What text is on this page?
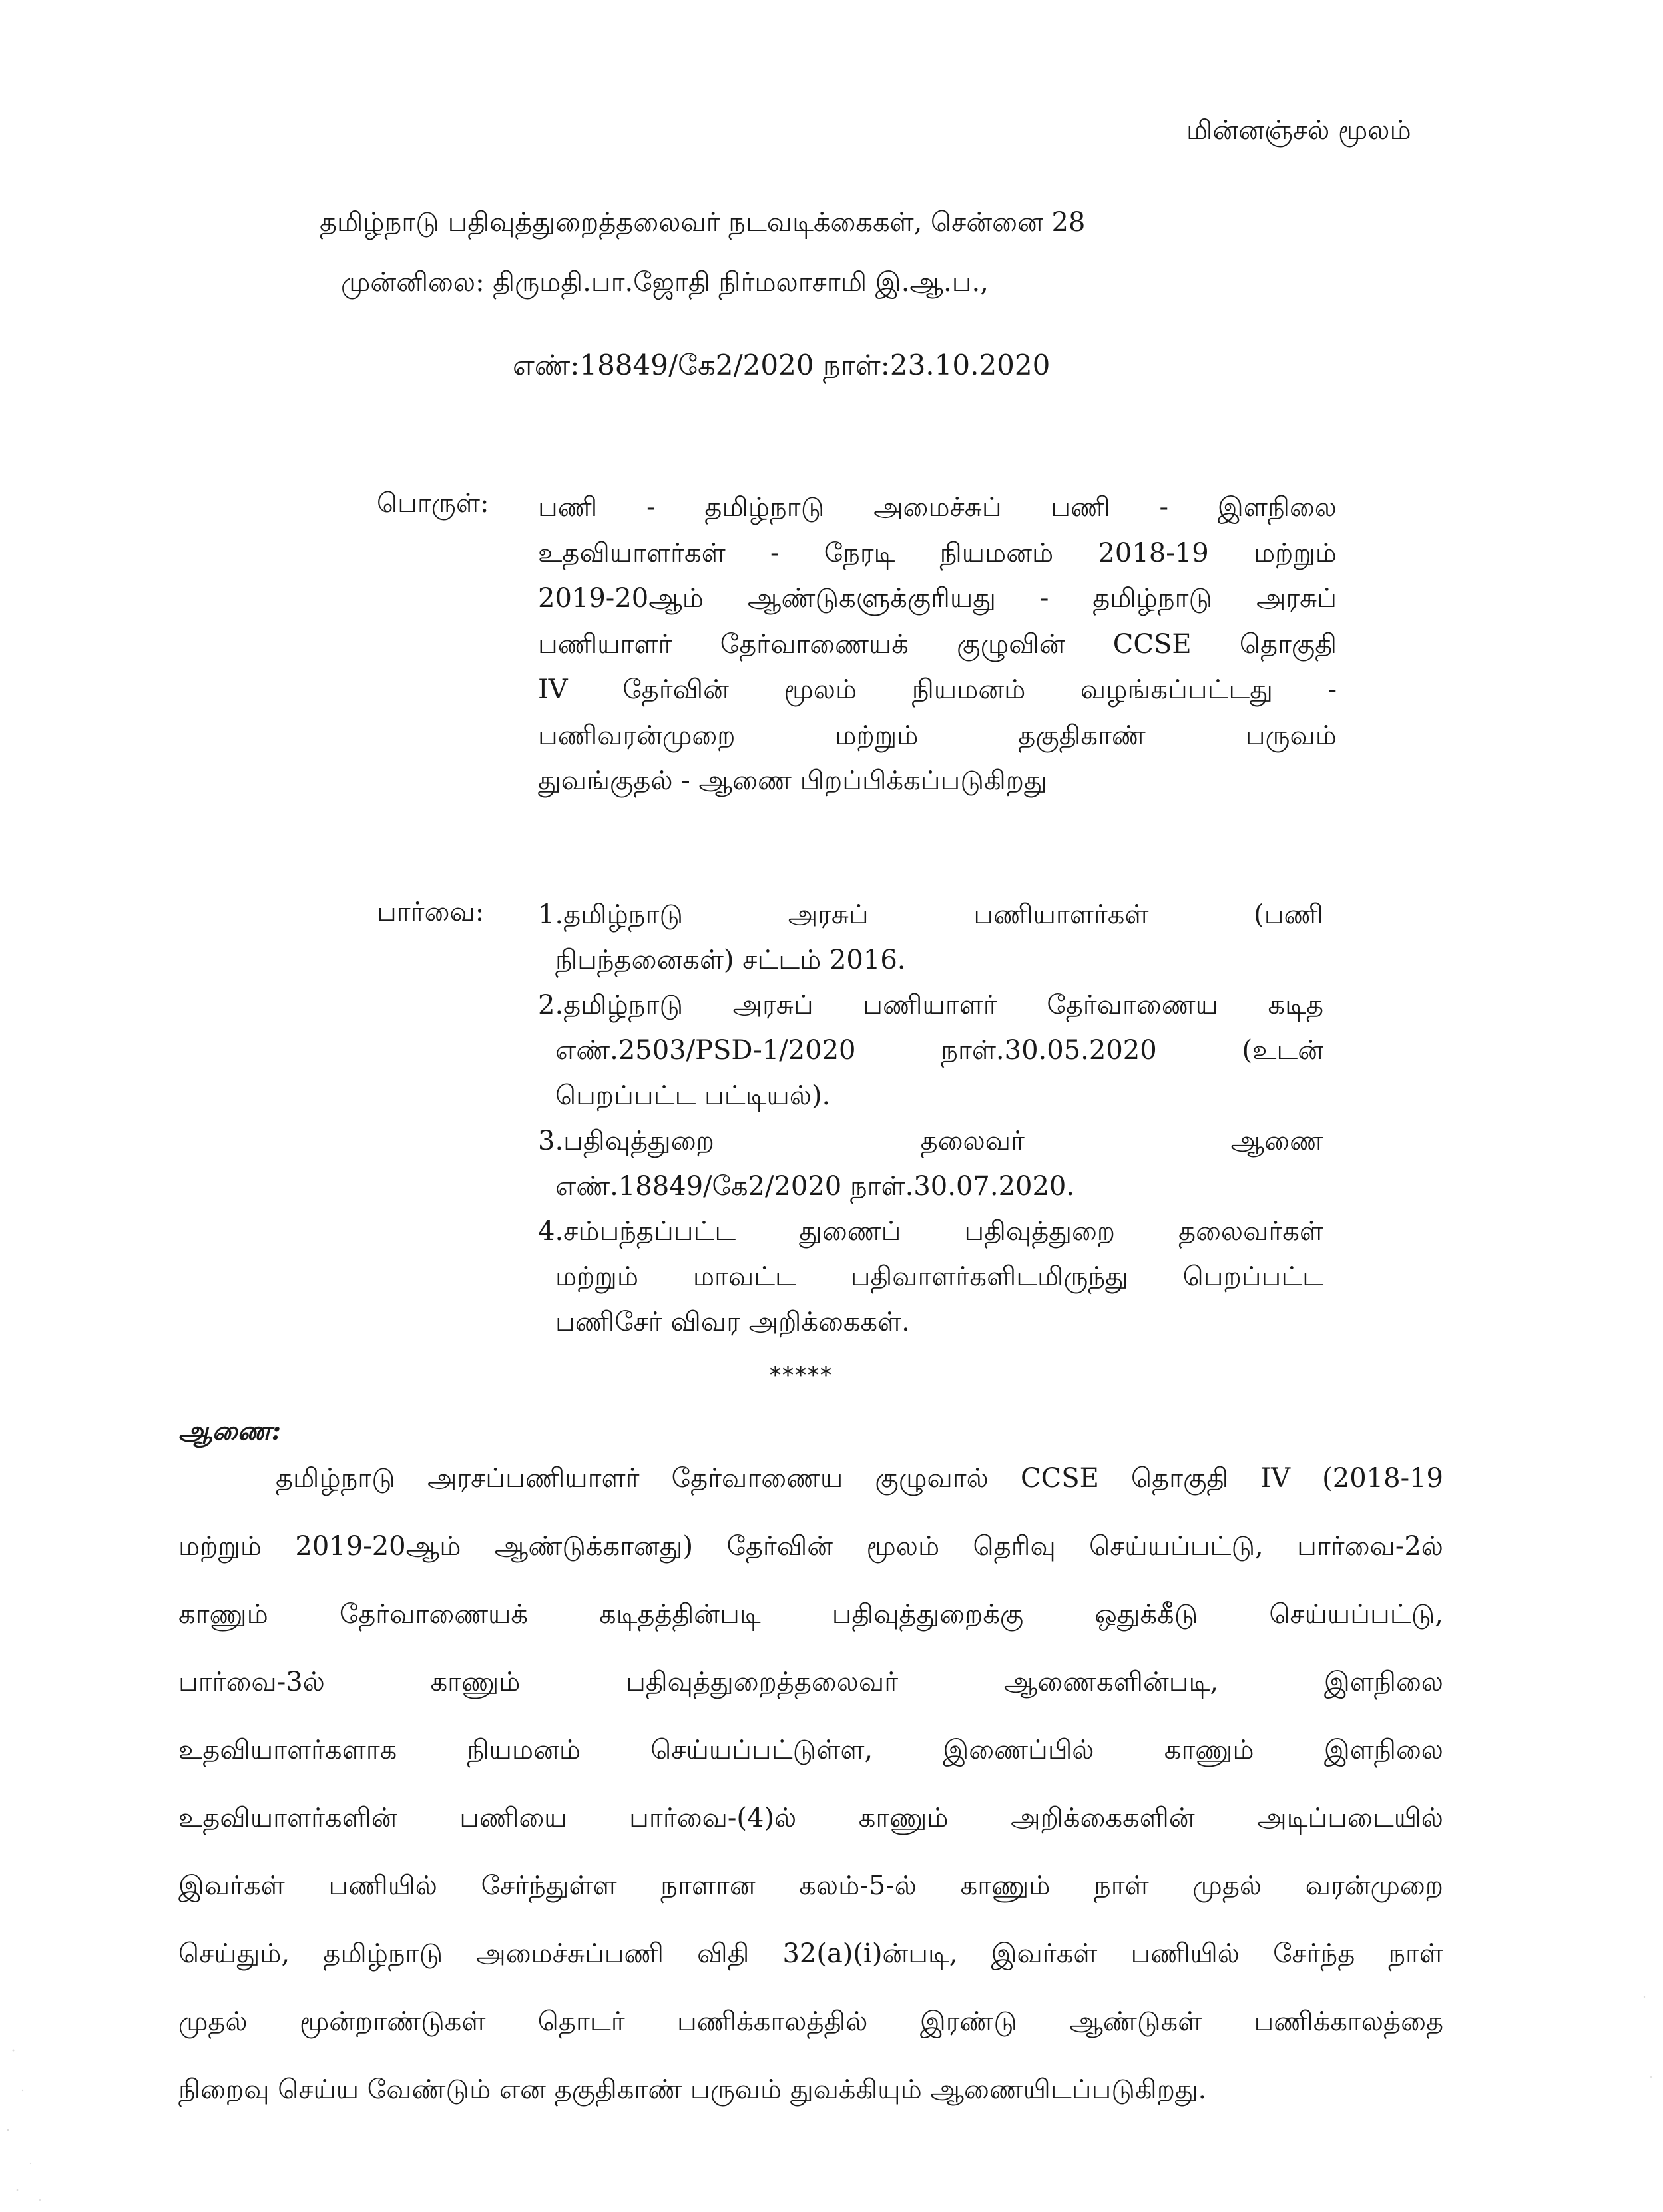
மின்னஞ்சல் மூலம்
தமிழ்நாடு பதிவுத்துறைத்தலைவர் நடவடிக்கைகள், சென்னை 28
முன்னிலை: திருமதி.பா.ஜோதி நிர்மலாசாமி இ.ஆ.ப.,
எண்:18849/கே2/2020 நாள்:23.10.2020
பொருள்: பணி - தமிழ்நாடு அமைச்சுப் பணி - இளநிலை
உதவியாளர்கள் - நேரடி நியமனம் 2018-19 மற்றும்
2019-20ஆம் ஆண்டுகளுக்குரியது - தமிழ்நாடு அரசுப்
பணியாளர் தேர்வாணையக் குழுவின் CCSE தொகுதி
IV தேர்வின் மூலம் நியமனம் வழங்கப்பட்டது -
பணிவரன்முறை மற்றும் தகுதிகாண் பருவம்
துவங்குதல் - ஆணை பிறப்பிக்கப்படுகிறது
பார்வை: 1.தமிழ்நாடு அரசுப் பணியாளர்கள் (பணி
நிபந்தனைகள்) சட்டம் 2016.
2.தமிழ்நாடு அரசுப் பணியாளர் தேர்வாணைய கடித
எண்.2503/PSD-1/2020 நாள்.30.05.2020 (உடன்
பெறப்பட்ட பட்டியல்).
3.பதிவுத்துறை தலைவர் ஆணை
எண்.18849/கே2/2020 நாள்.30.07.2020.
4.சம்பந்தப்பட்ட துணைப் பதிவுத்துறை தலைவர்கள்
மற்றும் மாவட்ட பதிவாளர்களிடமிருந்து பெறப்பட்ட
பணிசேர் விவர அறிக்கைகள்.
*****
ஆணை:
தமிழ்நாடு அரசப்பணியாளர் தேர்வாணைய குழுவால் CCSE தொகுதி IV (2018-19
மற்றும் 2019-20ஆம் ஆண்டுக்கானது) தேர்வின் மூலம் தெரிவு செய்யப்பட்டு, பார்வை-2ல்
காணும் தேர்வாணையக் கடிதத்தின்படி பதிவுத்துறைக்கு ஒதுக்கீடு செய்யப்பட்டு,
பார்வை-3ல் காணும் பதிவுத்துறைத்தலைவர் ஆணைகளின்படி, இளநிலை
உதவியாளர்களாக நியமனம் செய்யப்பட்டுள்ள, இணைப்பில் காணும் இளநிலை
உதவியாளர்களின் பணியை பார்வை-(4)ல் காணும் அறிக்கைகளின் அடிப்படையில்
இவர்கள் பணியில் சேர்ந்துள்ள நாளான கலம்-5-ல் காணும் நாள் முதல் வரன்முறை
செய்தும், தமிழ்நாடு அமைச்சுப்பணி விதி 32(a)(i)ன்படி, இவர்கள் பணியில் சேர்ந்த நாள்
முதல் மூன்றாண்டுகள் தொடர் பணிக்காலத்தில் இரண்டு ஆண்டுகள் பணிக்காலத்தை
நிறைவு செய்ய வேண்டும் என தகுதிகாண் பருவம் துவக்கியும் ஆணையிடப்படுகிறது.
